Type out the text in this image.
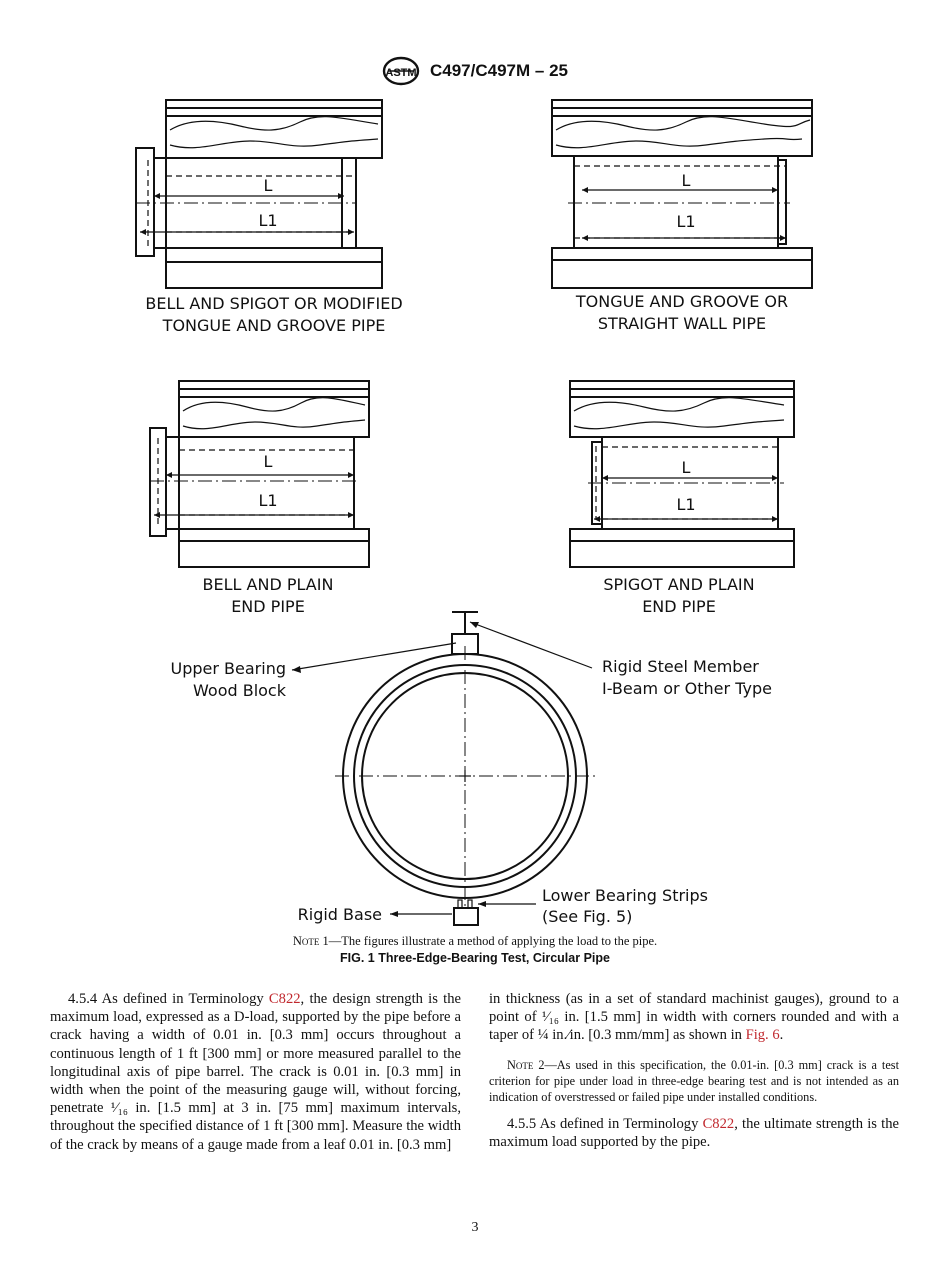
ASTM C497/C497M – 25
L
L1
BELL AND SPIGOT OR MODIFIED
TONGUE AND GROOVE PIPE
L
L1
TONGUE AND GROOVE OR
STRAIGHT WALL PIPE
L
L1
BELL AND PLAIN
END PIPE
L
L1
SPIGOT AND PLAIN
END PIPE
Upper Bearing
Wood Block
Rigid Steel Member
I-Beam or Other Type
Rigid Base
Lower Bearing Strips
(See Fig. 5)
Note 1—The figures illustrate a method of applying the load to the pipe.
FIG. 1 Three-Edge-Bearing Test, Circular Pipe

4.5.4 As defined in Terminology C822, the design strength is the maximum load, expressed as a D-load, supported by the pipe before a crack having a width of 0.01 in. [0.3 mm] occurs throughout a continuous length of 1 ft [300 mm] or more measured parallel to the longitudinal axis of pipe barrel. The crack is 0.01 in. [0.3 mm] in width when the point of the measuring gauge will, without forcing, penetrate ¹⁄₁₆ in. [1.5 mm] at 3 in. [75 mm] maximum intervals, throughout the specified distance of 1 ft [300 mm]. Measure the width of the crack by means of a gauge made from a leaf 0.01 in. [0.3 mm]

in thickness (as in a set of standard machinist gauges), ground to a point of ¹⁄₁₆ in. [1.5 mm] in width with corners rounded and with a taper of ¼ in.⁄in. [0.3 mm/mm] as shown in Fig. 6.

Note 2—As used in this specification, the 0.01-in. [0.3 mm] crack is a test criterion for pipe under load in three-edge bearing test and is not intended as an indication of overstressed or failed pipe under installed conditions.

4.5.5 As defined in Terminology C822, the ultimate strength is the maximum load supported by the pipe.

3
